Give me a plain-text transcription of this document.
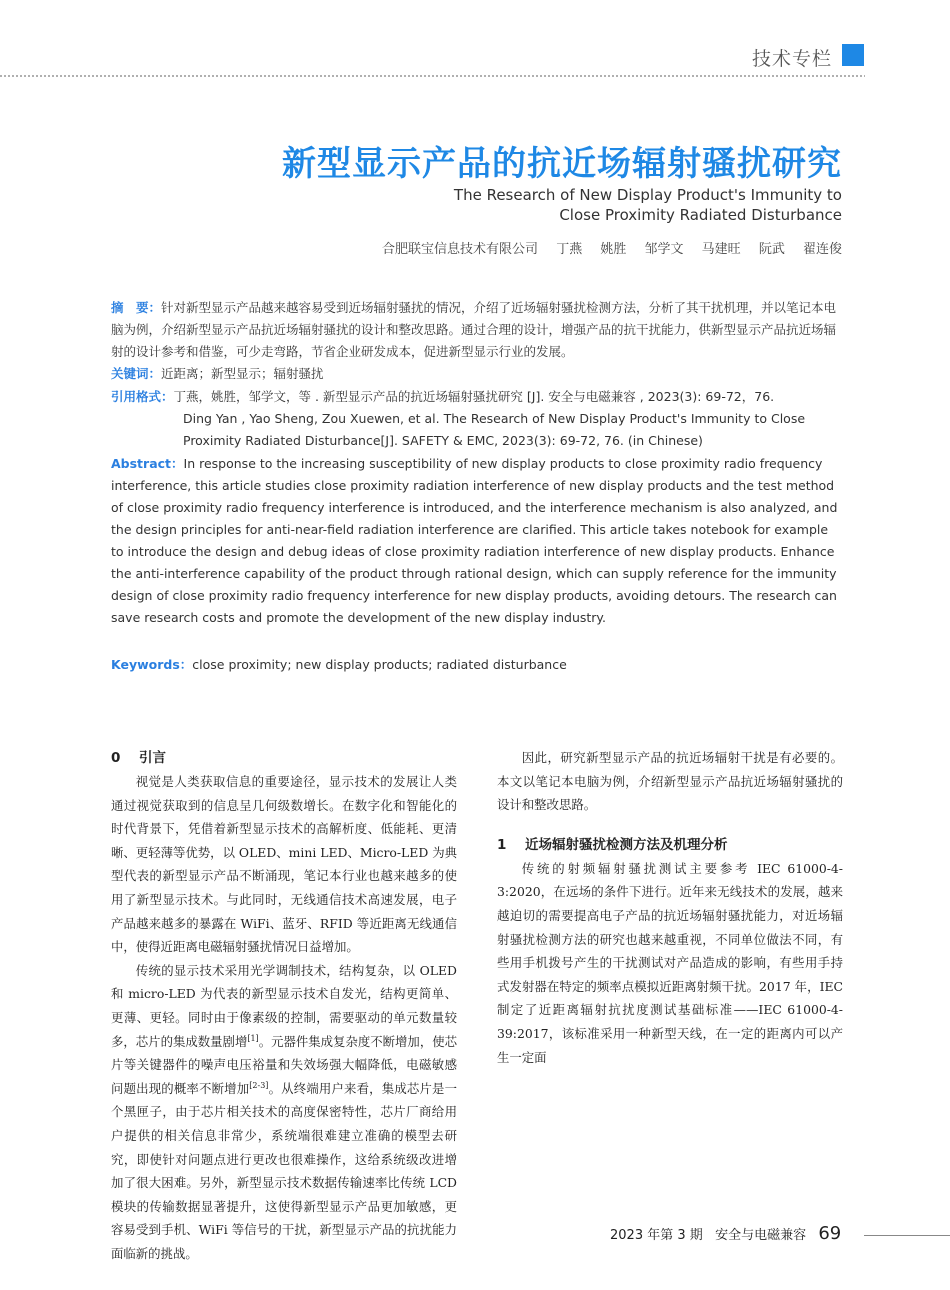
技术专栏
新型显示产品的抗近场辐射骚扰研究
The Research of New Display Product's Immunity to
Close Proximity Radiated Disturbance
合肥联宝信息技术有限公司 丁燕 姚胜 邹学文 马建旺 阮武 翟连俊
摘　要：针对新型显示产品越来越容易受到近场辐射骚扰的情况，介绍了近场辐射骚扰检测方法，分析了其干扰机理，并以笔记本电脑为例，介绍新型显示产品抗近场辐射骚扰的设计和整改思路。通过合理的设计，增强产品的抗干扰能力，供新型显示产品抗近场辐射的设计参考和借鉴，可少走弯路，节省企业研发成本，促进新型显示行业的发展。
关键词：近距离；新型显示；辐射骚扰
引用格式：丁燕，姚胜，邹学文，等 . 新型显示产品的抗近场辐射骚扰研究 [J]. 安全与电磁兼容 , 2023(3): 69-72，76.
Ding Yan , Yao Sheng, Zou Xuewen, et al. The Research of New Display Product's Immunity to Close Proximity Radiated Disturbance[J]. SAFETY & EMC, 2023(3): 69-72, 76. (in Chinese)
Abstract：In response to the increasing susceptibility of new display products to close proximity radio frequency interference, this article studies close proximity radiation interference of new display products and the test method of close proximity radio frequency interference is introduced, and the interference mechanism is also analyzed, and the design principles for anti-near-field radiation interference are clarified. This article takes notebook for example to introduce the design and debug ideas of close proximity radiation interference of new display products. Enhance the anti-interference capability of the product through rational design, which can supply reference for the immunity design of close proximity radio frequency interference for new display products, avoiding detours. The research can save research costs and promote the development of the new display industry.
Keywords：close proximity; new display products; radiated disturbance
0 引言

视觉是人类获取信息的重要途径，显示技术的发展让人类通过视觉获取到的信息呈几何级数增长。在数字化和智能化的时代背景下，凭借着新型显示技术的高解析度、低能耗、更清晰、更轻薄等优势，以 OLED、mini LED、Micro-LED 为典型代表的新型显示产品不断涌现，笔记本行业也越来越多的使用了新型显示技术。与此同时，无线通信技术高速发展，电子产品越来越多的暴露在 WiFi、蓝牙、RFID 等近距离无线通信中，使得近距离电磁辐射骚扰情况日益增加。

传统的显示技术采用光学调制技术，结构复杂，以 OLED 和 micro-LED 为代表的新型显示技术自发光，结构更简单、更薄、更轻。同时由于像素级的控制，需要驱动的单元数量较多，芯片的集成数量剧增[1]。元器件集成复杂度不断增加，使芯片等关键器件的噪声电压裕量和失效场强大幅降低，电磁敏感问题出现的概率不断增加[2-3]。从终端用户来看，集成芯片是一个黑匣子，由于芯片相关技术的高度保密特性，芯片厂商给用户提供的相关信息非常少，系统端很难建立准确的模型去研究，即使针对问题点进行更改也很难操作，这给系统级改进增加了很大困难。另外，新型显示技术数据传输速率比传统 LCD 模块的传输数据显著提升，这使得新型显示产品更加敏感，更容易受到手机、WiFi 等信号的干扰，新型显示产品的抗扰能力面临新的挑战。

因此，研究新型显示产品的抗近场辐射干扰是有必要的。本文以笔记本电脑为例，介绍新型显示产品抗近场辐射骚扰的设计和整改思路。

1 近场辐射骚扰检测方法及机理分析

传统的射频辐射骚扰测试主要参考 IEC 61000-4-3:2020，在远场的条件下进行。近年来无线技术的发展，越来越迫切的需要提高电子产品的抗近场辐射骚扰能力，对近场辐射骚扰检测方法的研究也越来越重视，不同单位做法不同，有些用手机拨号产生的干扰测试对产品造成的影响，有些用手持式发射器在特定的频率点模拟近距离射频干扰。2017 年，IEC 制定了近距离辐射抗扰度测试基础标准——IEC 61000-4-39:2017，该标准采用一种新型天线，在一定的距离内可以产生一定面

2023 年第 3 期 安全与电磁兼容 69
